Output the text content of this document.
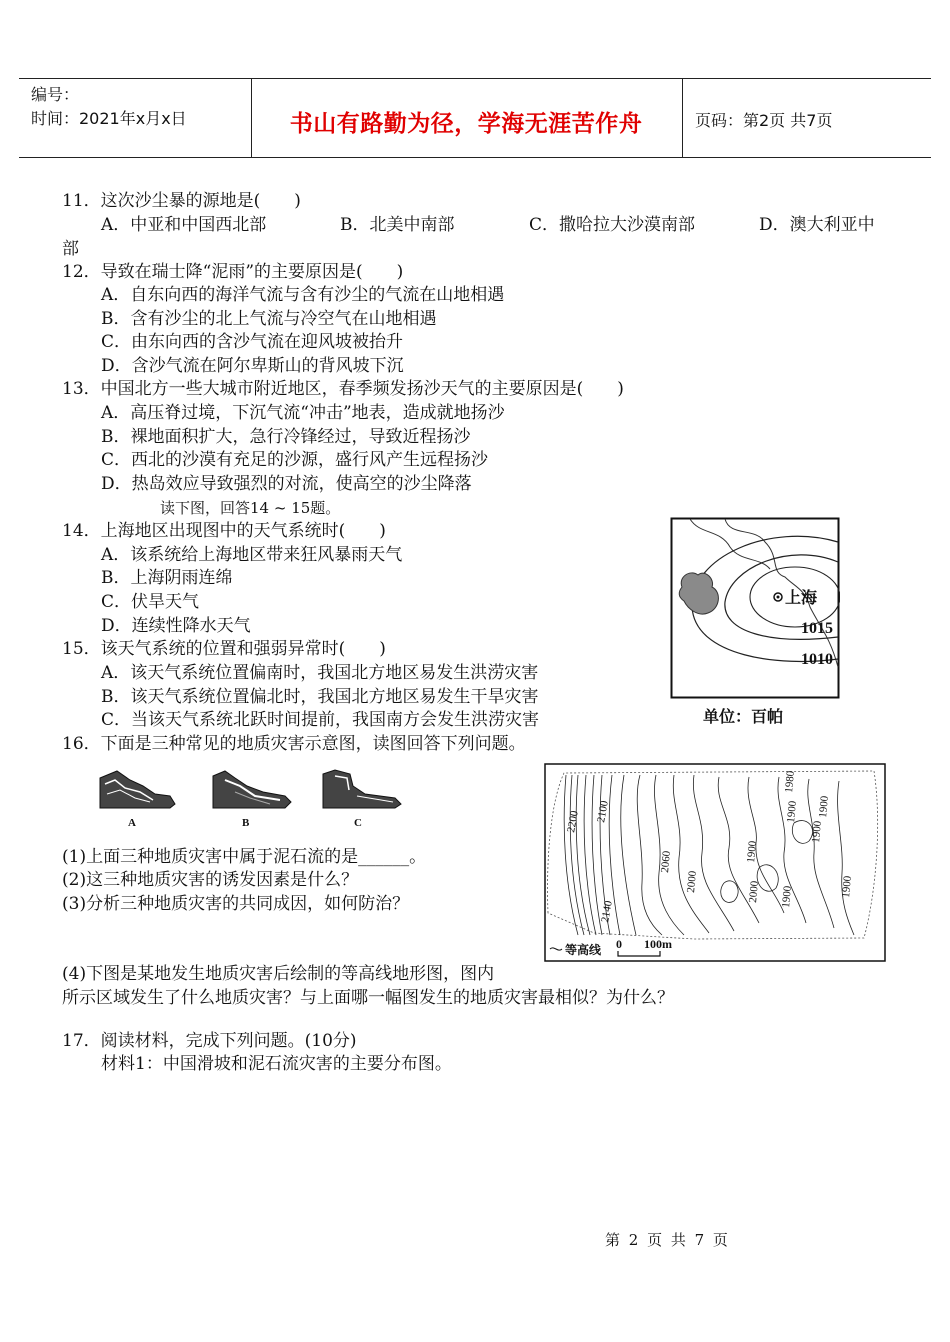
编号：
时间：2021年x月x日	书山有路勤为径，学海无涯苦作舟	页码：第2页 共7页
11．这次沙尘暴的源地是(　　)
A．中亚和中国西北部	B．北美中南部	C．撒哈拉大沙漠南部	D．澳大利亚中
部
12．导致在瑞士降“泥雨”的主要原因是(　　)
A．自东向西的海洋气流与含有沙尘的气流在山地相遇
B．含有沙尘的北上气流与冷空气在山地相遇
C．由东向西的含沙气流在迎风坡被抬升
D．含沙气流在阿尔卑斯山的背风坡下沉
13．中国北方一些大城市附近地区，春季频发扬沙天气的主要原因是(　　)
A．高压脊过境，下沉气流“冲击”地表，造成就地扬沙
B．裸地面积扩大，急行冷锋经过，导致近程扬沙
C．西北的沙漠有充足的沙源，盛行风产生远程扬沙
D．热岛效应导致强烈的对流，使高空的沙尘降落
读下图，回答14 ~ 15题。
14．上海地区出现图中的天气系统时(　　)
A．该系统给上海地区带来狂风暴雨天气
B．上海阴雨连绵
C．伏旱天气
D．连续性降水天气
15．该天气系统的位置和强弱异常时(　　)
A．该天气系统位置偏南时，我国北方地区易发生洪涝灾害
B．该天气系统位置偏北时，我国北方地区易发生干旱灾害
C．当该天气系统北跃时间提前，我国南方会发生洪涝灾害
上海
1015
1010
单位：百帕
16．下面是三种常见的地质灾害示意图，读图回答下列问题。
A	B	C
(1)上面三种地质灾害中属于泥石流的是______。
(2)这三种地质灾害的诱发因素是什么？
(3)分析三种地质灾害的共同成因，如何防治？
(4)下图是某地发生地质灾害后绘制的等高线地形图，图内
所示区域发生了什么地质灾害？与上面哪一幅图发生的地质灾害最相似？为什么？
2200 2100
2140
2060
2000	2000
1900
1900
1900
1980
1900
1900
1900
等高线 0 100m
17．阅读材料，完成下列问题。(10分)
材料1：中国滑坡和泥石流灾害的主要分布图。
第 2 页 共 7 页
